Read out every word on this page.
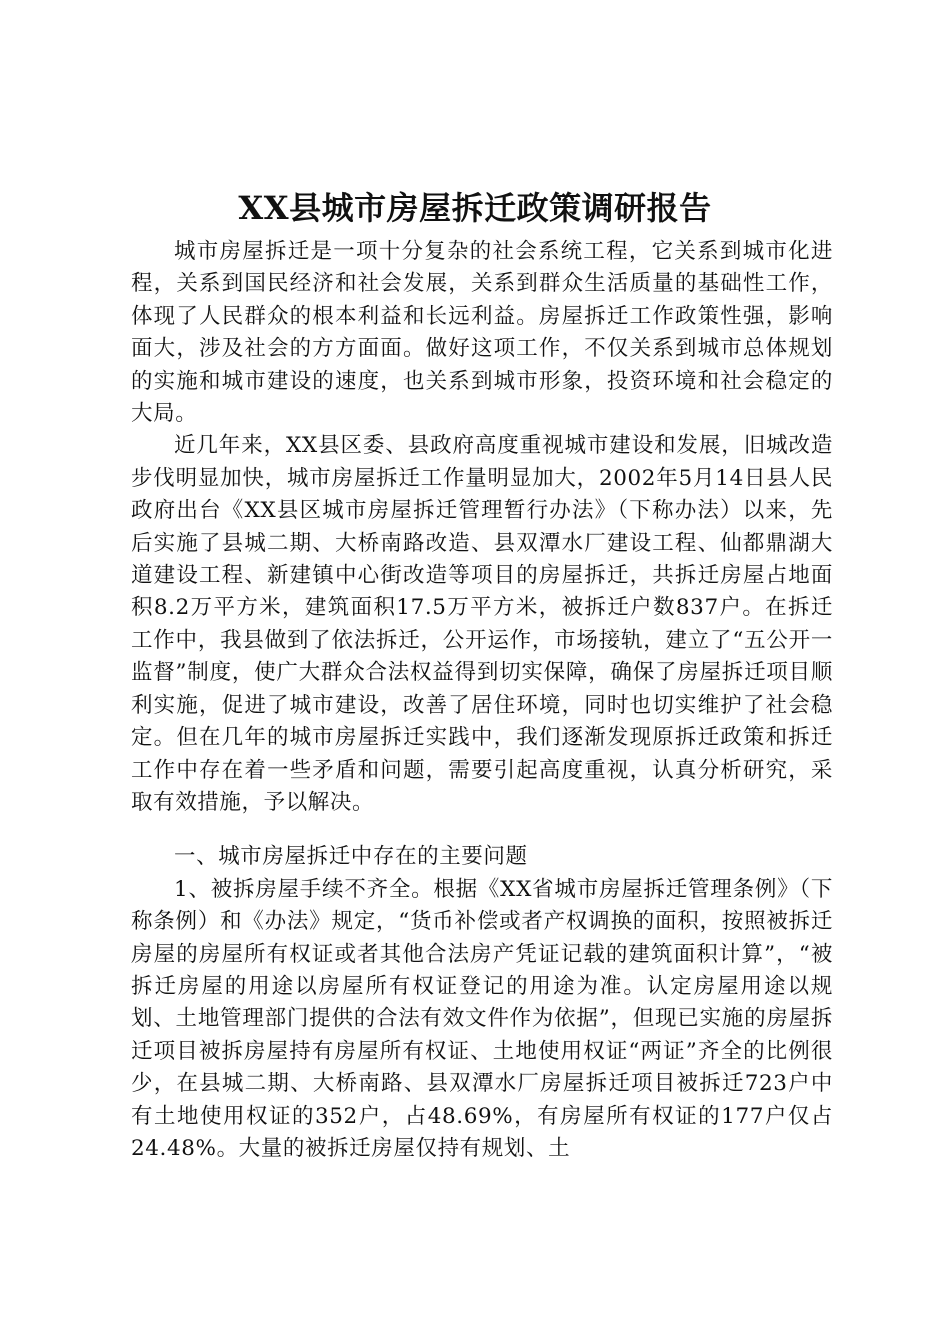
XX县城市房屋拆迁政策调研报告

城市房屋拆迁是一项十分复杂的社会系统工程，它关系到城市化进程，关系到国民经济和社会发展，关系到群众生活质量的基础性工作，体现了人民群众的根本利益和长远利益。房屋拆迁工作政策性强，影响面大，涉及社会的方方面面。做好这项工作，不仅关系到城市总体规划的实施和城市建设的速度，也关系到城市形象，投资环境和社会稳定的大局。

近几年来，XX县区委、县政府高度重视城市建设和发展，旧城改造步伐明显加快，城市房屋拆迁工作量明显加大，2002年5月14日县人民政府出台《XX县区城市房屋拆迁管理暂行办法》（下称办法）以来，先后实施了县城二期、大桥南路改造、县双潭水厂建设工程、仙都鼎湖大道建设工程、新建镇中心街改造等项目的房屋拆迁，共拆迁房屋占地面积8.2万平方米，建筑面积17.5万平方米，被拆迁户数837户。在拆迁工作中，我县做到了依法拆迁，公开运作，市场接轨，建立了“五公开一监督”制度，使广大群众合法权益得到切实保障，确保了房屋拆迁项目顺利实施，促进了城市建设，改善了居住环境，同时也切实维护了社会稳定。但在几年的城市房屋拆迁实践中，我们逐渐发现原拆迁政策和拆迁工作中存在着一些矛盾和问题，需要引起高度重视，认真分析研究，采取有效措施，予以解决。

一、城市房屋拆迁中存在的主要问题

1、被拆房屋手续不齐全。根据《XX省城市房屋拆迁管理条例》（下称条例）和《办法》规定，“货币补偿或者产权调换的面积，按照被拆迁房屋的房屋所有权证或者其他合法房产凭证记载的建筑面积计算”，“被拆迁房屋的用途以房屋所有权证登记的用途为准。认定房屋用途以规划、土地管理部门提供的合法有效文件作为依据”，但现已实施的房屋拆迁项目被拆房屋持有房屋所有权证、土地使用权证“两证”齐全的比例很少，在县城二期、大桥南路、县双潭水厂房屋拆迁项目被拆迁723户中有土地使用权证的352户，占48.69%，有房屋所有权证的177户仅占24.48%。大量的被拆迁房屋仅持有规划、土
